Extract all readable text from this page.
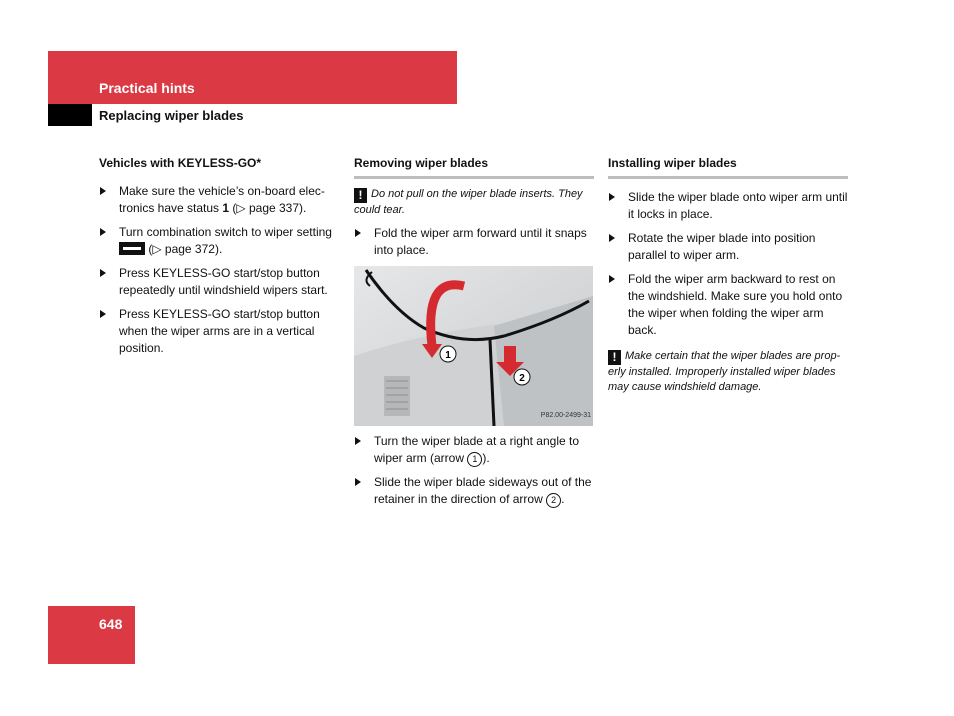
Practical hints
Replacing wiper blades
Vehicles with KEYLESS-GO*
Make sure the vehicle’s on-board elec-tronics have status 1 (▷ page 337).
Turn combination switch to wiper setting  (▷ page 372).
Press KEYLESS-GO start/stop button repeatedly until windshield wipers start.
Press KEYLESS-GO start/stop button when the wiper arms are in a vertical position.
Removing wiper blades
! Do not pull on the wiper blade inserts. They could tear.
Fold the wiper arm forward until it snaps into place.
1
2
P82.00-2499-31
Turn the wiper blade at a right angle to wiper arm (arrow 1 ).
Slide the wiper blade sideways out of the retainer in the direction of arrow 2 .
Installing wiper blades
Slide the wiper blade onto wiper arm until it locks in place.
Rotate the wiper blade into position parallel to wiper arm.
Fold the wiper arm backward to rest on the windshield. Make sure you hold onto the wiper when folding the wiper arm back.
! Make certain that the wiper blades are prop-erly installed. Improperly installed wiper blades may cause windshield damage.
648
